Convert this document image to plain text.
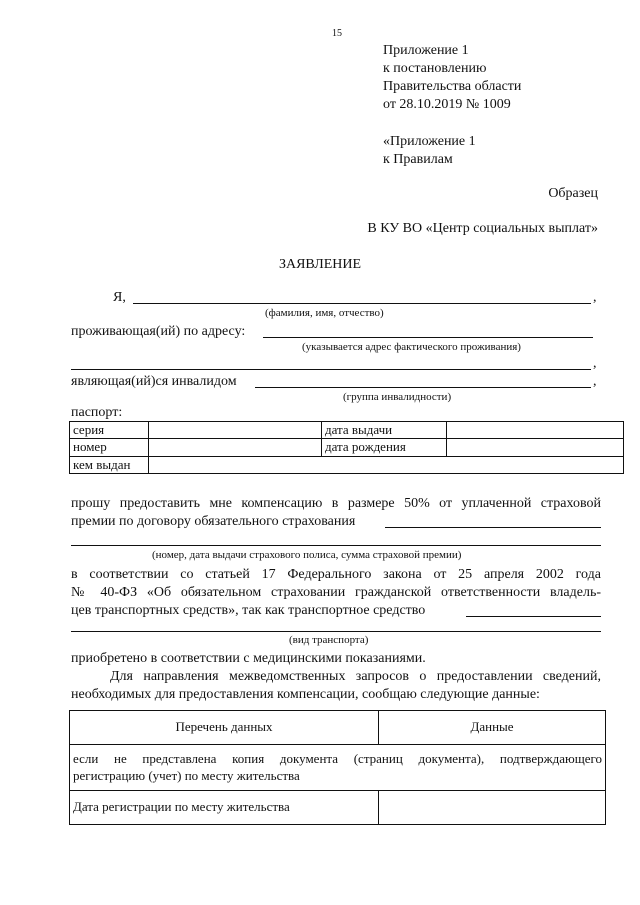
15
Приложение 1
к постановлению
Правительства области
от 28.10.2019 № 1009
«Приложение 1
к Правилам
Образец
В КУ ВО «Центр социальных выплат»
ЗАЯВЛЕНИЕ
Я,	,
(фамилия, имя, отчество)
проживающая(ий) по адресу:
(указывается адрес фактического проживания)
,
являющая(ий)ся инвалидом	,
(группа инвалидности)
паспорт:
серия		дата выдачи	
номер		дата рождения	
кем выдан			
прошу предоставить мне компенсацию в размере 50% от уплаченной страховой
премии по договору обязательного страхования
(номер, дата выдачи страхового полиса, сумма страховой премии)
в соответствии со статьей 17 Федерального закона от 25 апреля 2002 года
№ 40-ФЗ «Об обязательном страховании гражданской ответственности владель-
цев транспортных средств», так как транспортное средство
(вид транспорта)
приобретено в соответствии с медицинскими показаниями.
Для направления межведомственных запросов о предоставлении сведений,
необходимых для предоставления компенсации, сообщаю следующие данные:
Перечень данных	Данные

если не представлена копия документа (страниц документа), подтверждающего
регистрацию (учет) по месту жительства	

Дата регистрации по месту жительства	
